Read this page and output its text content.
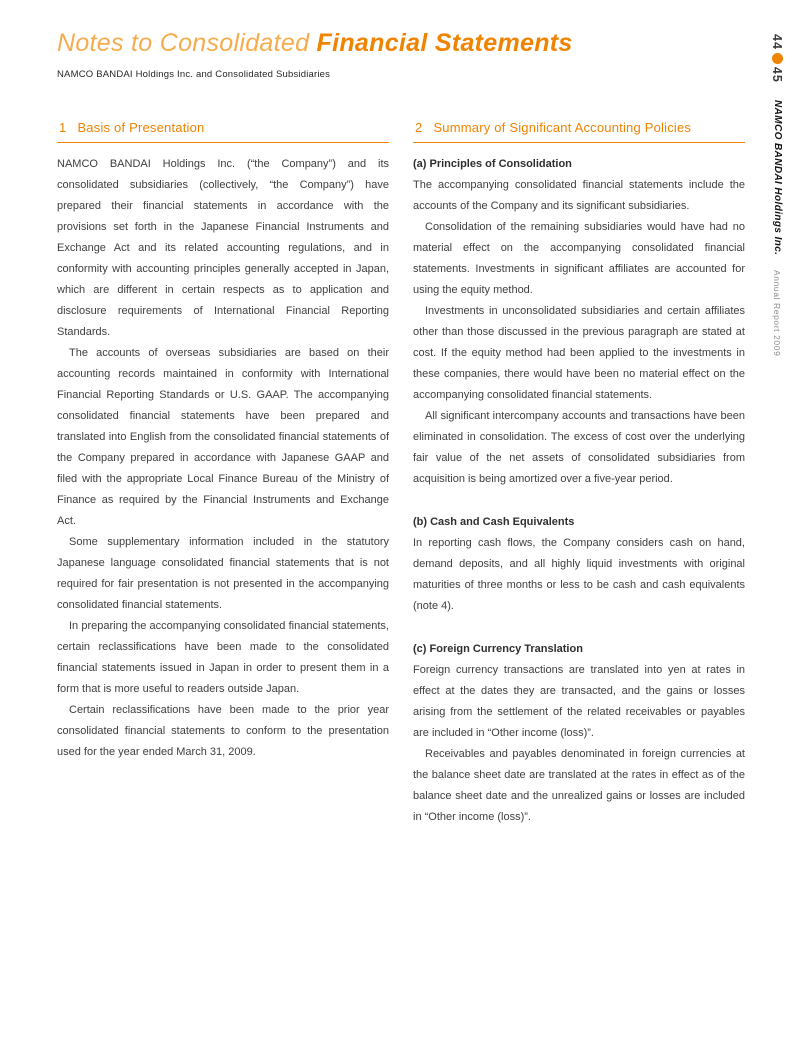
Notes to Consolidated Financial Statements
NAMCO BANDAI Holdings Inc. and Consolidated Subsidiaries
1 Basis of Presentation

NAMCO BANDAI Holdings Inc. (“the Company”) and its consolidated subsidiaries (collectively, “the Company”) have prepared their financial statements in accordance with the provisions set forth in the Japanese Financial Instruments and Exchange Act and its related accounting regulations, and in conformity with accounting principles generally accepted in Japan, which are different in certain respects as to application and disclosure requirements of International Financial Reporting Standards.

The accounts of overseas subsidiaries are based on their accounting records maintained in conformity with International Financial Reporting Standards or U.S. GAAP. The accompanying consolidated financial statements have been prepared and translated into English from the consolidated financial statements of the Company prepared in accordance with Japanese GAAP and filed with the appropriate Local Finance Bureau of the Ministry of Finance as required by the Financial Instruments and Exchange Act.

Some supplementary information included in the statutory Japanese language consolidated financial statements that is not required for fair presentation is not presented in the accompanying consolidated financial statements.

In preparing the accompanying consolidated financial statements, certain reclassifications have been made to the consolidated financial statements issued in Japan in order to present them in a form that is more useful to readers outside Japan.

Certain reclassifications have been made to the prior year consolidated financial statements to conform to the presentation used for the year ended March 31, 2009.

2 Summary of Significant Accounting Policies
(a) Principles of Consolidation

The accompanying consolidated financial statements include the accounts of the Company and its significant subsidiaries.

Consolidation of the remaining subsidiaries would have had no material effect on the accompanying consolidated financial statements. Investments in significant affiliates are accounted for using the equity method.

Investments in unconsolidated subsidiaries and certain affiliates other than those discussed in the previous paragraph are stated at cost. If the equity method had been applied to the investments in these companies, there would have been no material effect on the accompanying consolidated financial statements.

All significant intercompany accounts and transactions have been eliminated in consolidation. The excess of cost over the underlying fair value of the net assets of consolidated subsidiaries from acquisition is being amortized over a five-year period.

(b) Cash and Cash Equivalents

In reporting cash flows, the Company considers cash on hand, demand deposits, and all highly liquid investments with original maturities of three months or less to be cash and cash equivalents (note 4).

(c) Foreign Currency Translation

Foreign currency transactions are translated into yen at rates in effect at the dates they are transacted, and the gains or losses arising from the settlement of the related receivables or payables are included in “Other income (loss)”.

Receivables and payables denominated in foreign currencies at the balance sheet date are translated at the rates in effect as of the balance sheet date and the unrealized gains or losses are included in “Other income (loss)”.

4445NAMCO BANDAI Holdings Inc.Annual Report 2009
